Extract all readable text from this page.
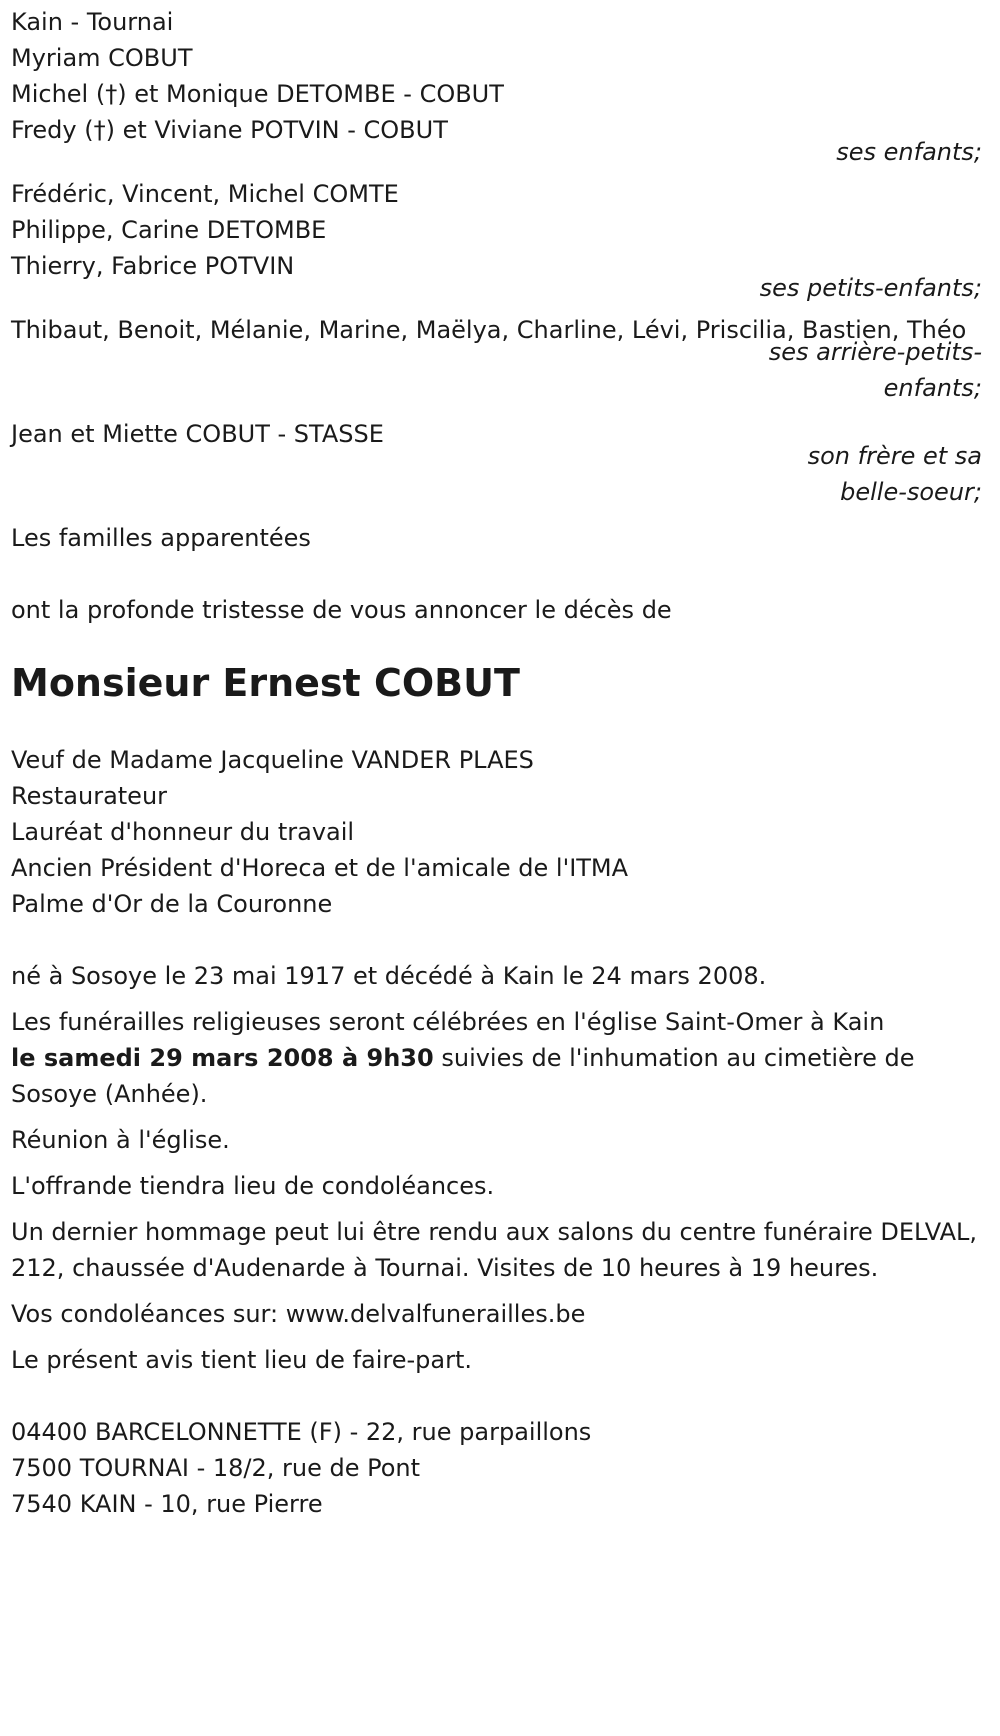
Kain - Tournai
Myriam COBUT
Michel (†) et Monique DETOMBE - COBUT
Fredy (†) et Viviane POTVIN - COBUT
ses enfants;
Frédéric, Vincent, Michel COMTE
Philippe, Carine DETOMBE
Thierry, Fabrice POTVIN
ses petits-enfants;
Thibaut, Benoit, Mélanie, Marine, Maëlya, Charline, Lévi, Priscilia, Bastien, Théo
ses arrière-petits-
enfants;
Jean et Miette COBUT - STASSE
son frère et sa
belle-soeur;
Les familles apparentées
ont la profonde tristesse de vous annoncer le décès de
Monsieur Ernest COBUT
Veuf de Madame Jacqueline VANDER PLAES
Restaurateur
Lauréat d'honneur du travail
Ancien Président d'Horeca et de l'amicale de l'ITMA
Palme d'Or de la Couronne
né à Sosoye le 23 mai 1917 et décédé à Kain le 24 mars 2008.
Les funérailles religieuses seront célébrées en l'église Saint-Omer à Kain
le samedi 29 mars 2008 à 9h30 suivies de l'inhumation au cimetière de Sosoye (Anhée).
Réunion à l'église.
L'offrande tiendra lieu de condoléances.
Un dernier hommage peut lui être rendu aux salons du centre funéraire DELVAL, 212, chaussée d'Audenarde à Tournai. Visites de 10 heures à 19 heures.
Vos condoléances sur: www.delvalfunerailles.be
Le présent avis tient lieu de faire-part.
04400 BARCELONNETTE (F) - 22, rue parpaillons
7500 TOURNAI - 18/2, rue de Pont
7540 KAIN - 10, rue Pierre
